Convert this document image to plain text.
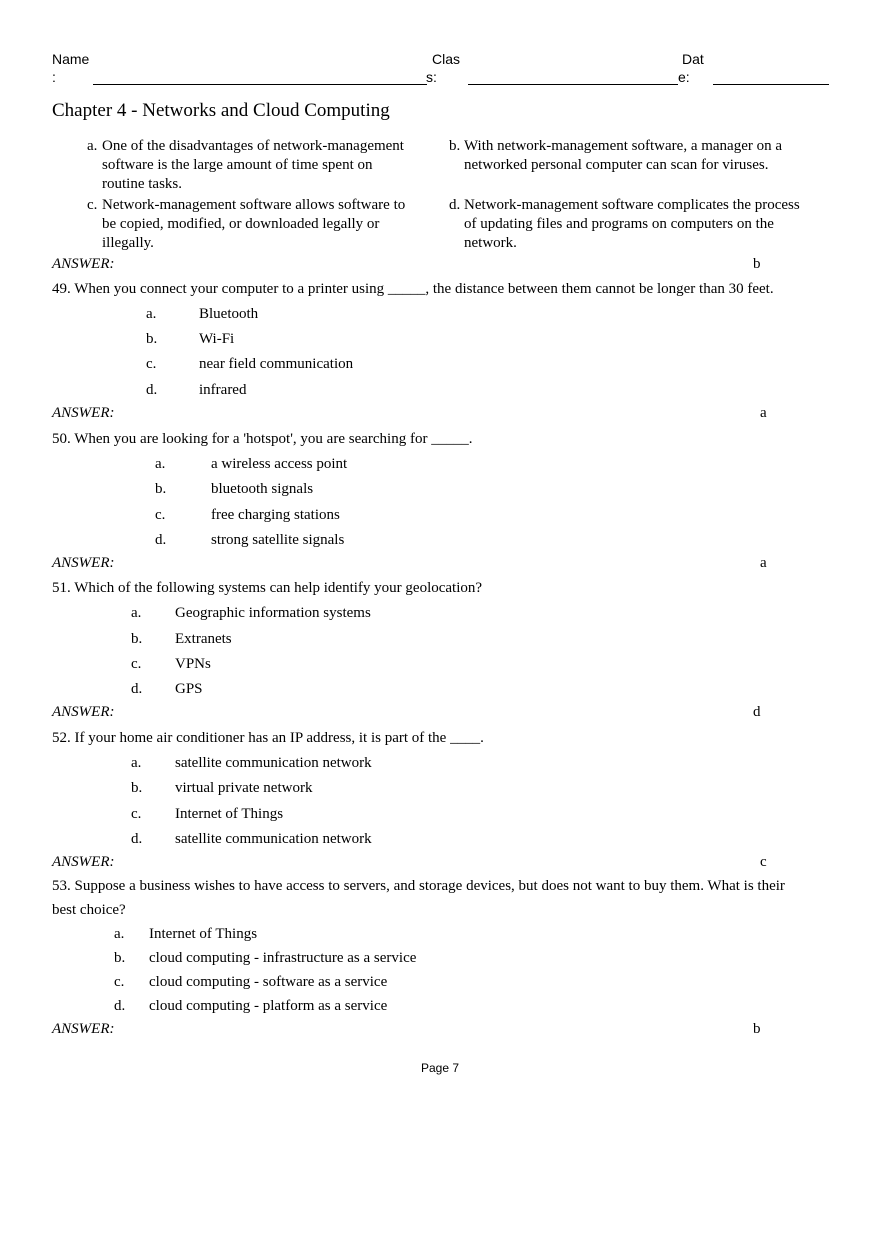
Name
:
Clas
s:
Dat
e:
Chapter 4 - Networks and Cloud Computing
a. One of the disadvantages of network-management software is the large amount of time spent on routine tasks.
b. With network-management software, a manager on a networked personal computer can scan for viruses.
c. Network-management software allows software to be copied, modified, or downloaded legally or illegally.
d. Network-management software complicates the process of updating files and programs on computers on the network.
ANSWER:	b
49. When you connect your computer to a printer using _____, the distance between them cannot be longer than 30 feet.
a.	Bluetooth
b.	Wi-Fi
c.	near field communication
d.	infrared
ANSWER:	a
50. When you are looking for a 'hotspot', you are searching for _____.
a.	a wireless access point
b.	bluetooth signals
c.	free charging stations
d.	strong satellite signals
ANSWER:	a
51. Which of the following systems can help identify your geolocation?
a. Geographic information systems
b. Extranets
c. VPNs
d. GPS
ANSWER:	d
52. If your home air conditioner has an IP address, it is part of the ____.
a. satellite communication network
b. virtual private network
c. Internet of Things
d. satellite communication network
ANSWER:	c
53. Suppose a business wishes to have access to servers, and storage devices, but does not want to buy them. What is their
best choice?
a. Internet of Things
b. cloud computing - infrastructure as a service
c. cloud computing - software as a service
d. cloud computing - platform as a service
ANSWER:	b
Page 7
